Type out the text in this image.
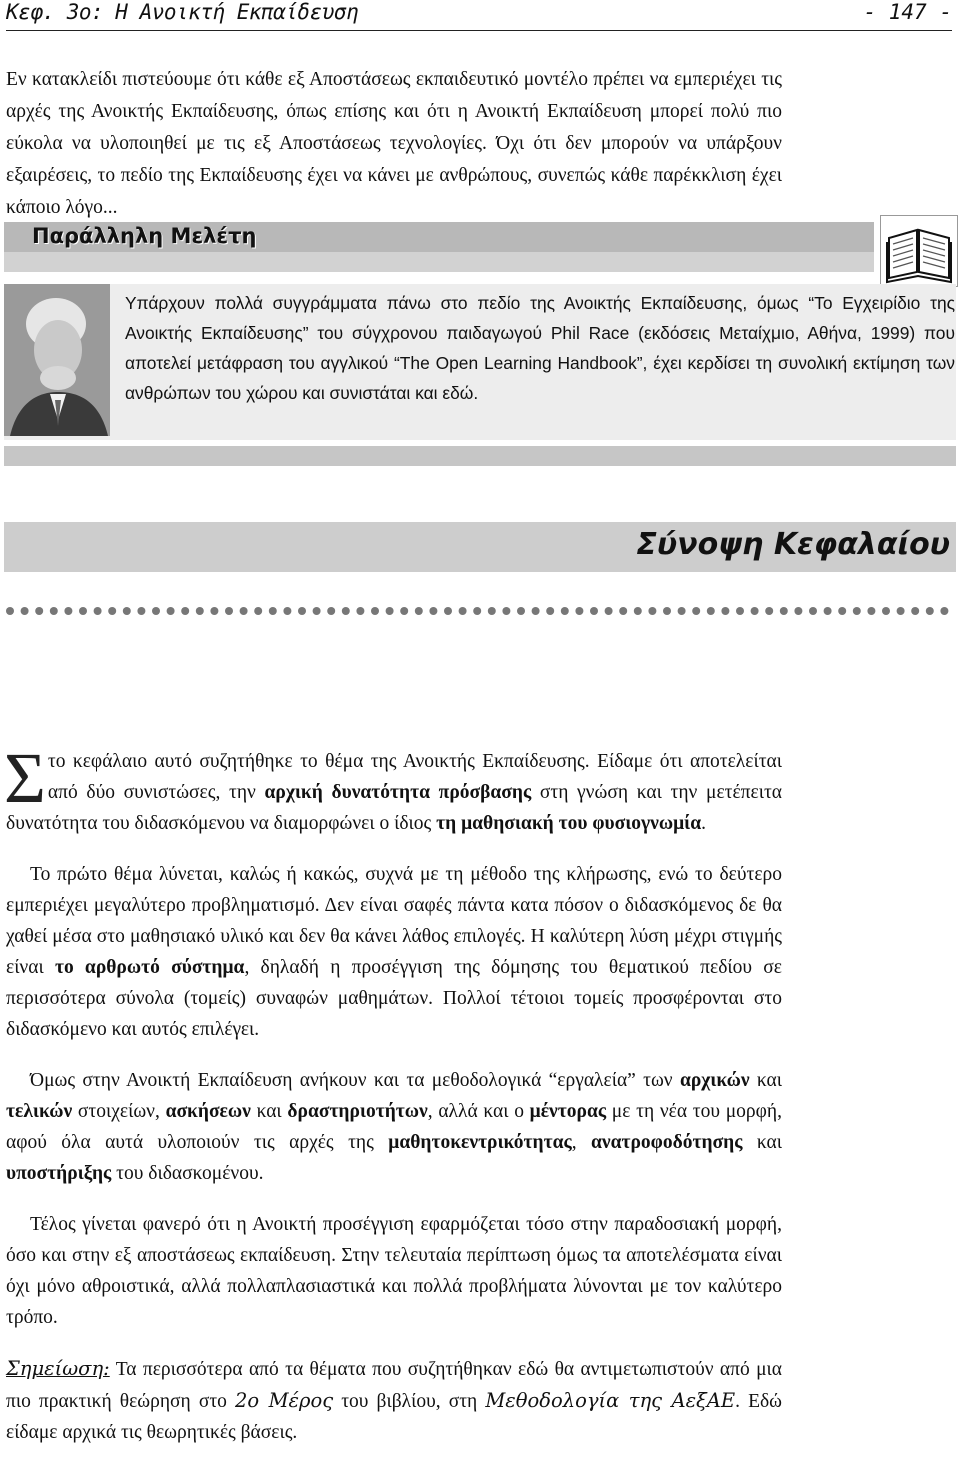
Κεφ. 3ο: Η Ανοικτή Εκπαίδευση	- 147 -

Εν κατακλείδι πιστεύουμε ότι κάθε εξ Αποστάσεως εκπαιδευτικό μοντέλο πρέπει να εμπεριέχει τις αρχές της Ανοικτής Εκπαίδευσης, όπως επίσης και ότι η Ανοικτή Εκπαίδευση μπορεί πολύ πιο εύκολα να υλοποιηθεί με τις εξ Αποστάσεως τεχνολογίες. Όχι ότι δεν μπορούν να υπάρξουν εξαιρέσεις, το πεδίο της Εκπαίδευσης έχει να κάνει με ανθρώπους, συνεπώς κάθε παρέκκλιση έχει κάποιο λόγο...

Παράλληλη Μελέτη

Υπάρχουν πολλά συγγράμματα πάνω στο πεδίο της Ανοικτής Εκπαίδευσης, όμως “Το Εγχειρίδιο της Ανοικτής Εκπαίδευσης” του σύγχρονου παιδαγωγού Phil Race (εκδόσεις Μεταίχμιο, Αθήνα, 1999) που αποτελεί μετάφραση του αγγλικού “The Open Learning Handbook”, έχει κερδίσει τη συνολική εκτίμηση των ανθρώπων του χώρου και συνιστάται και εδώ.

Σύνοψη Κεφαλαίου

Στο κεφάλαιο αυτό συζητήθηκε το θέμα της Ανοικτής Εκπαίδευσης. Είδαμε ότι αποτελείται από δύο συνιστώσες, την αρχική δυνατότητα πρόσβασης στη γνώση και την μετέπειτα δυνατότητα του διδασκόμενου να διαμορφώνει ο ίδιος τη μαθησιακή του φυσιογνωμία.

Το πρώτο θέμα λύνεται, καλώς ή κακώς, συχνά με τη μέθοδο της κλήρωσης, ενώ το δεύτερο εμπεριέχει μεγαλύτερο προβληματισμό. Δεν είναι σαφές πάντα κατα πόσον ο διδασκόμενος δε θα χαθεί μέσα στο μαθησιακό υλικό και δεν θα κάνει λάθος επιλογές. Η καλύτερη λύση μέχρι στιγμής είναι το αρθρωτό σύστημα, δηλαδή η προσέγγιση της δόμησης του θεματικού πεδίου σε περισσότερα σύνολα (τομείς) συναφών μαθημάτων. Πολλοί τέτοιοι τομείς προσφέρονται στο διδασκόμενο και αυτός επιλέγει.

Όμως στην Ανοικτή Εκπαίδευση ανήκουν και τα μεθοδολογικά “εργαλεία” των αρχικών και τελικών στοιχείων, ασκήσεων και δραστηριοτήτων, αλλά και ο μέντορας με τη νέα του μορφή, αφού όλα αυτά υλοποιούν τις αρχές της μαθητοκεντρικότητας, ανατροφοδότησης και υποστήριξης του διδασκομένου.

Τέλος γίνεται φανερό ότι η Ανοικτή προσέγγιση εφαρμόζεται τόσο στην παραδοσιακή μορφή, όσο και στην εξ αποστάσεως εκπαίδευση. Στην τελευταία περίπτωση όμως τα αποτελέσματα είναι όχι μόνο αθροιστικά, αλλά πολλαπλασιαστικά και πολλά προβλήματα λύνονται με τον καλύτερο τρόπο.

Σημείωση: Τα περισσότερα από τα θέματα που συζητήθηκαν εδώ θα αντιμετωπιστούν από μια πιο πρακτική θεώρηση στο 2ο Μέρος του βιβλίου, στη Μεθοδολογία της ΑεξΑΕ. Εδώ είδαμε αρχικά τις θεωρητικές βάσεις.
